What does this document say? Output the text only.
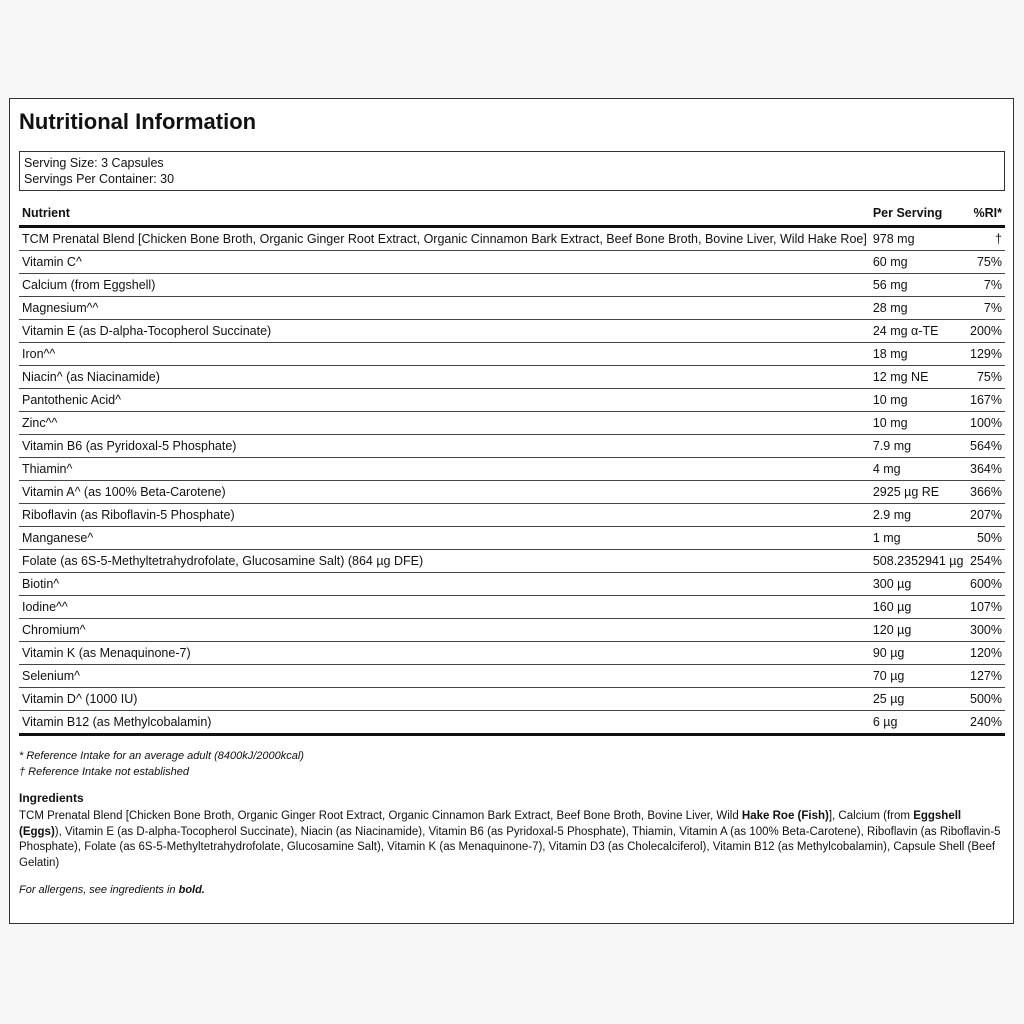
Nutritional Information
Serving Size: 3 Capsules
Servings Per Container: 30
Nutrient	Per Serving	%RI*
TCM Prenatal Blend [Chicken Bone Broth, Organic Ginger Root Extract, Organic Cinnamon Bark Extract, Beef Bone Broth, Bovine Liver, Wild Hake Roe]	978 mg	†
Vitamin C^	60 mg	75%
Calcium (from Eggshell)	56 mg	7%
Magnesium^^	28 mg	7%
Vitamin E (as D-alpha-Tocopherol Succinate)	24 mg α-TE	200%
Iron^^	18 mg	129%
Niacin^ (as Niacinamide)	12 mg NE	75%
Pantothenic Acid^	10 mg	167%
Zinc^^	10 mg	100%
Vitamin B6 (as Pyridoxal-5 Phosphate)	7.9 mg	564%
Thiamin^	4 mg	364%
Vitamin A^ (as 100% Beta-Carotene)	2925 µg RE	366%
Riboflavin (as Riboflavin-5 Phosphate)	2.9 mg	207%
Manganese^	1 mg	50%
Folate (as 6S-5-Methyltetrahydrofolate, Glucosamine Salt) (864 µg DFE)	508.2352941 µg	254%
Biotin^	300 µg	600%
Iodine^^	160 µg	107%
Chromium^	120 µg	300%
Vitamin K (as Menaquinone-7)	90 µg	120%
Selenium^	70 µg	127%
Vitamin D^ (1000 IU)	25 µg	500%
Vitamin B12 (as Methylcobalamin)	6 µg	240%
* Reference Intake for an average adult (8400kJ/2000kcal)
† Reference Intake not established
Ingredients
TCM Prenatal Blend [Chicken Bone Broth, Organic Ginger Root Extract, Organic Cinnamon Bark Extract, Beef Bone Broth, Bovine Liver, Wild Hake Roe (Fish)], Calcium (from Eggshell (Eggs)), Vitamin E (as D-alpha-Tocopherol Succinate), Niacin (as Niacinamide), Vitamin B6 (as Pyridoxal-5 Phosphate), Thiamin, Vitamin A (as 100% Beta-Carotene), Riboflavin (as Riboflavin-5 Phosphate), Folate (as 6S-5-Methyltetrahydrofolate, Glucosamine Salt), Vitamin K (as Menaquinone-7), Vitamin D3 (as Cholecalciferol), Vitamin B12 (as Methylcobalamin), Capsule Shell (Beef Gelatin)
For allergens, see ingredients in bold.
